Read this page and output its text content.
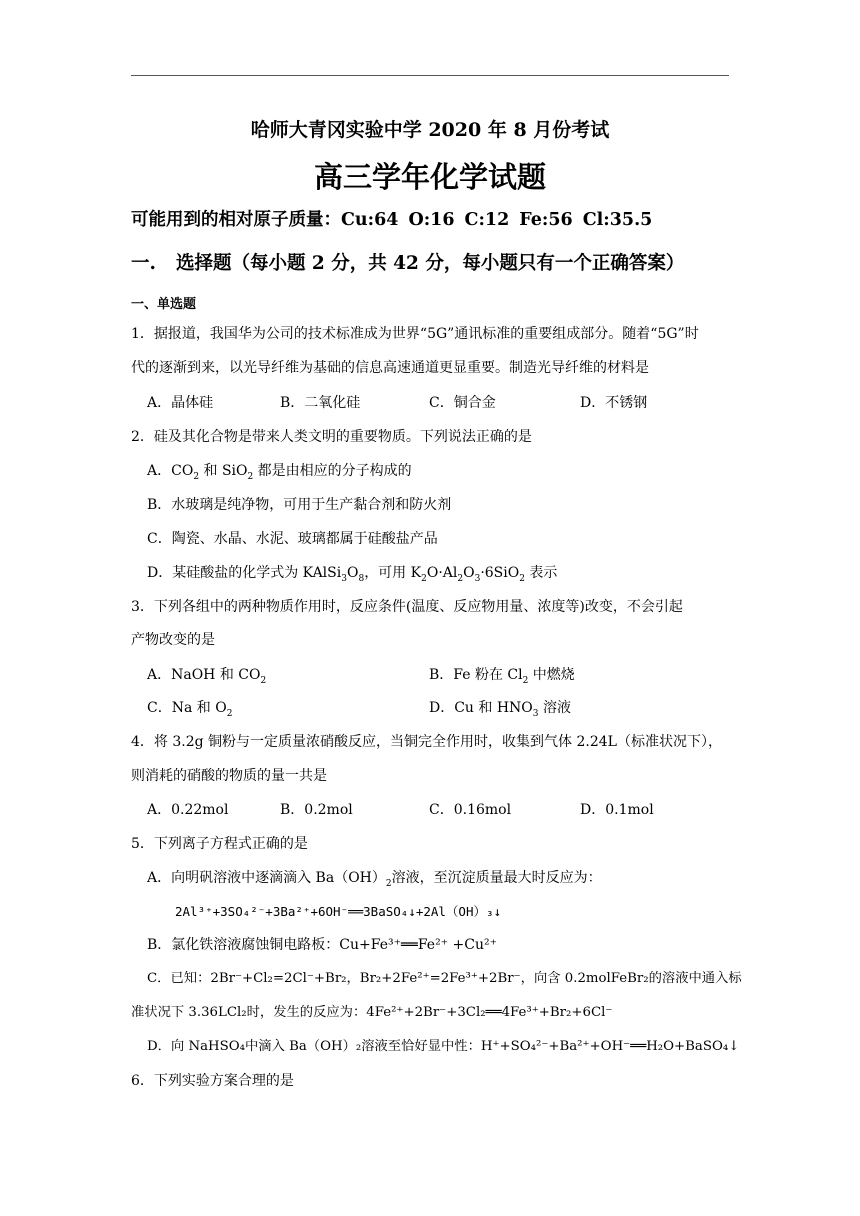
哈师大青冈实验中学 2020 年 8 月份考试
高三学年化学试题
可能用到的相对原子质量：Cu:64 O:16 C:12 Fe:56 Cl:35.5
一. 选择题（每小题 2 分，共 42 分，每小题只有一个正确答案）
一、单选题
1．据报道，我国华为公司的技术标准成为世界“5G”通讯标准的重要组成部分。随着“5G”时
代的逐渐到来，以光导纤维为基础的信息高速通道更显重要。制造光导纤维的材料是
A．晶体硅	B．二氧化硅	C．铜合金	D．不锈钢
2．硅及其化合物是带来人类文明的重要物质。下列说法正确的是
A．$CO_2$ 和 SiO$_2$ 都是由相应的分子构成的
B．水玻璃是纯净物，可用于生产黏合剂和防火剂
C．陶瓷、水晶、水泥、玻璃都属于硅酸盐产品
D．某硅酸盐的化学式为 $KAlSi_3O_8$，可用 $K_2O\cdot Al_2O_3\cdot 6SiO_2$ 表示
3．下列各组中的两种物质作用时，反应条件(温度、反应物用量、浓度等)改变，不会引起
产物改变的是
A．NaOH 和 $CO_2$	B．Fe 粉在 $Cl_2$ 中燃烧
C．Na 和 $O_2$	D．Cu 和 $HNO_3$ 溶液
4．将 3.2g 铜粉与一定质量浓硝酸反应，当铜完全作用时，收集到气体 2.24L（标准状况下），
则消耗的硝酸的物质的量一共是
A．0.22mol	B．0.2mol	C．0.16mol	D．0.1mol
5．下列离子方程式正确的是
A．向明矾溶液中逐滴滴入 $Ba(OH)_2$溶液，至沉淀质量最大时反应为：
2Al³⁺+3SO₄²⁻+3Ba²⁺+6OH⁻══3BaSO₄↓+2Al（OH）₃↓
B．氯化铁溶液腐蚀铜电路板：Cu+Fe³⁺══Fe²⁺ +Cu²⁺
C．已知：2Br⁻+Cl₂=2Cl⁻+Br₂，Br₂+2Fe²⁺=2Fe³⁺+2Br⁻，向含 0.2molFeBr₂的溶液中通入标
准状况下 3.36LCl₂时，发生的反应为：4Fe²⁺+2Br⁻+3Cl₂══4Fe³⁺+Br₂+6Cl⁻
D．向 NaHSO₄中滴入 Ba（OH）₂溶液至恰好显中性：H⁺+SO₄²⁻+Ba²⁺+OH⁻══H₂O+BaSO₄↓
6．下列实验方案合理的是
